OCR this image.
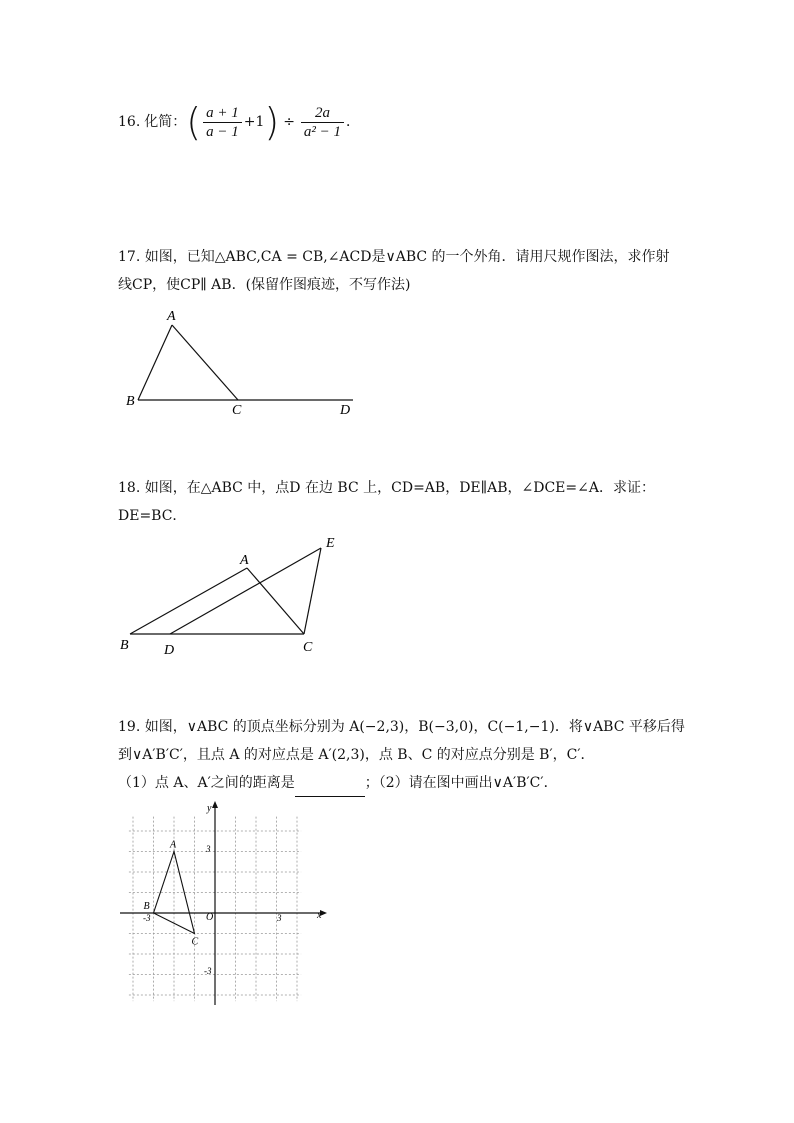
16. 化简： ( $\frac{a + 1}{a - 1} +1$ ) ÷ $\frac{2a}{\text{a² − 1}}$ ．
17. 如图，已知△ABC,CA = CB,∠ACD是∨ABC 的一个外角．请用尺规作图法，求作射
线CP，使CP∥ AB．(保留作图痕迹，不写作法)
A
B
C	D
18. 如图，在△ABC 中，点D 在边 BC 上，CD=AB，DE∥AB，∠DCE=∠A．求证：
DE=BC．
A
E
B	D	C
19. 如图，∨ABC 的顶点坐标分别为 A(−2,3)，B(−3,0)，C(−1,−1)．将∨ABC 平移后得
到∨A′B′C′，且点 A 的对应点是 A′(2,3)，点 B、C 的对应点分别是 B′，C′．
（1）点 A、A′之间的距离是	；（2）请在图中画出∨A′B′C′．
x
y
O	3
-3
3
-3
A
B
C
